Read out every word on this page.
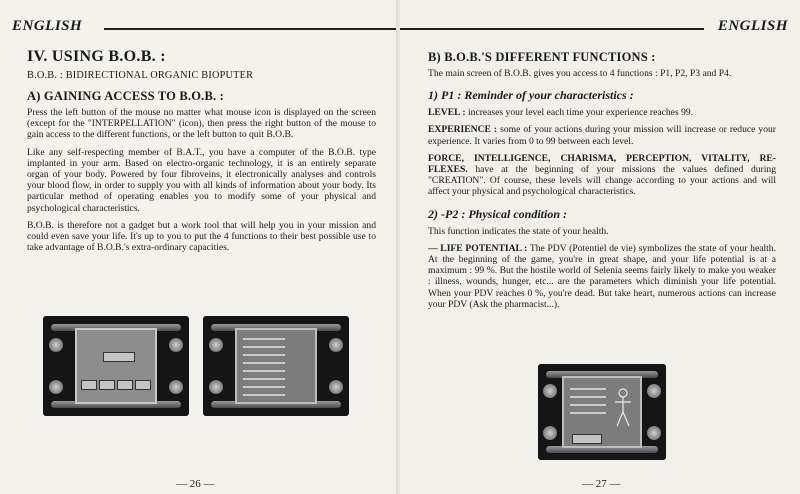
ENGLISH
IV. USING B.O.B. :
B.O.B. : BIDIRECTIONAL ORGANIC BIOPUTER
A) GAINING ACCESS TO B.O.B. :

Press the left button of the mouse no matter what mouse icon is displayed on the screen (except for the "INTERPELLATION" (icon), then press the right button of the mouse to gain access to the different functions, or the left button to quit B.O.B.

Like any self-respecting member of B.A.T., you have a computer of the B.O.B. type implanted in your arm. Based on electro-organic technology, it is an entirely separate organ of your body. Powered by four fibroveins, it electronically analyses and controls your blood flow, in order to supply you with all kinds of information about your body. Its particular method of operating enables you to modify some of your physical and psychological characteristics.

B.O.B. is therefore not a gadget but a work tool that will help you in your mission and could even save your life. It's up to you to put the 4 functions to their best possible use to take advantage of B.O.B.'s extra-ordinary capacities.

— 26 —
ENGLISH
B) B.O.B.'S DIFFERENT FUNCTIONS :

The main screen of B.O.B. gives you access to 4 functions : P1, P2, P3 and P4.

1) P1 : Reminder of your characteristics :

LEVEL : increases your level each time your experience reaches 99.

EXPERIENCE : some of your actions during your mission will increase or reduce your experience. It varies from 0 to 99 between each level.

FORCE, INTELLIGENCE, CHARISMA, PERCEPTION, VITALITY, RE-FLEXES. have at the beginning of your missions the values defined during "CREATION". Of course, these levels will change according to your actions and will affect your physical and psychological characteristics.

2) -P2 : Physical condition :

This function indicates the state of your health.

— LIFE POTENTIAL : The PDV (Potentiel de vie) symbolizes the state of your health. At the beginning of the game, you're in great shape, and your life potential is at a maximum : 99 %. But the hostile world of Selenia seems fairly likely to make you weaker : illness, wounds, hunger, etc... are the parameters which diminish your life potential. When your PDV reaches 0 %, you're dead. But take heart, numerous actions can increase your PDV (Ask the pharmacist...).

— 27 —
